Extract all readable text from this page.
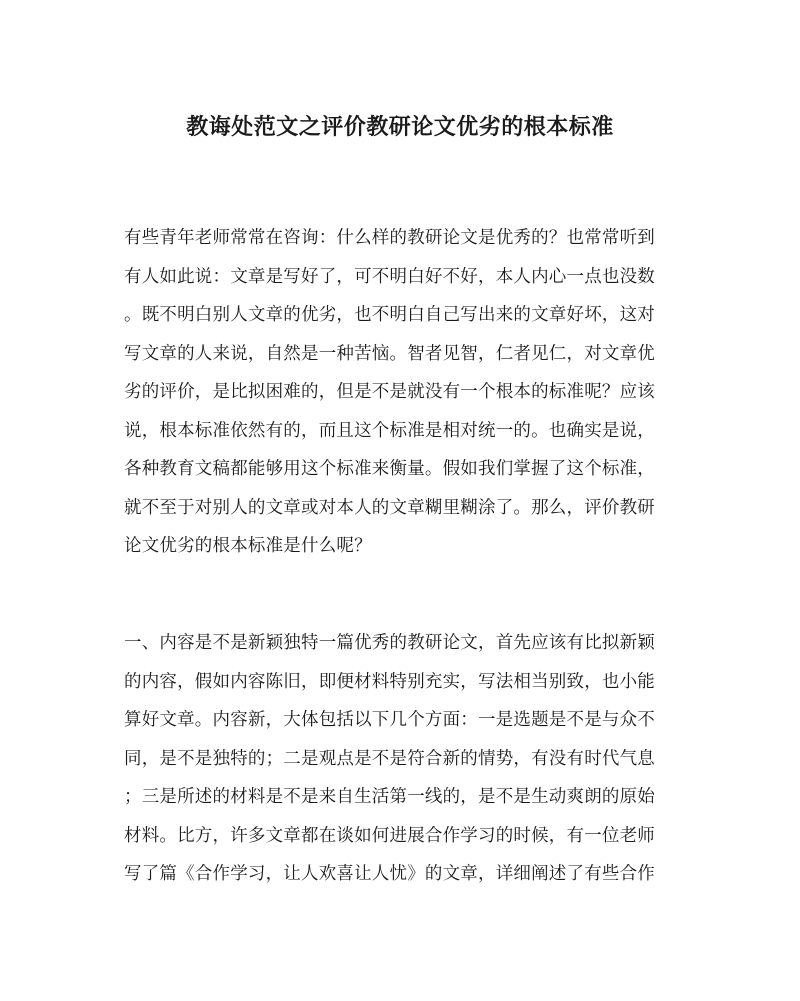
教诲处范文之评价教研论文优劣的根本标准
有些青年老师常常在咨询：什么样的教研论文是优秀的？也常常听到
有人如此说：文章是写好了，可不明白好不好，本人内心一点也没数
。既不明白别人文章的优劣，也不明白自己写出来的文章好坏，这对
写文章的人来说，自然是一种苦恼。智者见智，仁者见仁，对文章优
劣的评价，是比拟困难的，但是不是就没有一个根本的标准呢？应该
说，根本标准依然有的，而且这个标准是相对统一的。也确实是说，
各种教育文稿都能够用这个标准来衡量。假如我们掌握了这个标准，
就不至于对别人的文章或对本人的文章糊里糊涂了。那么，评价教研
论文优劣的根本标准是什么呢？
一、内容是不是新颖独特一篇优秀的教研论文，首先应该有比拟新颖
的内容，假如内容陈旧，即便材料特别充实，写法相当别致，也小能
算好文章。内容新，大体包括以下几个方面：一是选题是不是与众不
同，是不是独特的；二是观点是不是符合新的情势，有没有时代气息
；三是所述的材料是不是来自生活第一线的，是不是生动爽朗的原始
材料。比方，许多文章都在谈如何进展合作学习的时候，有一位老师
写了篇《合作学习，让人欢喜让人忧》的文章，详细阐述了有些合作
